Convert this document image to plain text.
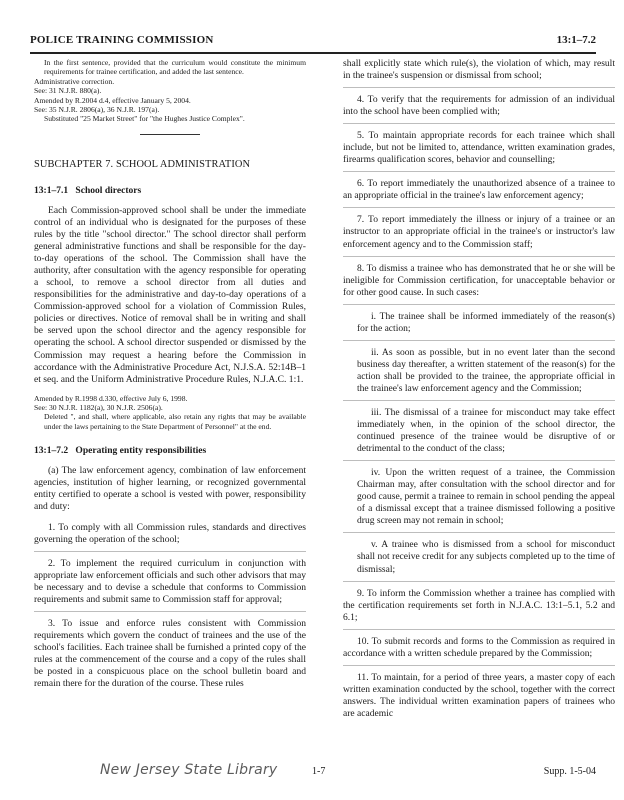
POLICE TRAINING COMMISSION	13:1–7.2

In the first sentence, provided that the curriculum would constitute the minimum requirements for trainee certification, and added the last sentence.

Administrative correction.

See: 31 N.J.R. 880(a).

Amended by R.2004 d.4, effective January 5, 2004.

See: 35 N.J.R. 2806(a), 36 N.J.R. 197(a).

Substituted "25 Market Street" for "the Hughes Justice Complex".

SUBCHAPTER 7. SCHOOL ADMINISTRATION
13:1–7.1 School directors

Each Commission-approved school shall be under the immediate control of an individual who is designated for the purposes of these rules by the title "school director." The school director shall perform general administrative functions and shall be responsible for the day-to-day operations of the school. The Commission shall have the authority, after consultation with the agency responsible for operating a school, to remove a school director from all duties and responsibilities for the administrative and day-to-day operations of a Commission-approved school for a violation of Commission Rules, policies or directives. Notice of removal shall be in writing and shall be served upon the school director and the agency responsible for operating the school. A school director suspended or dismissed by the Commission may request a hearing before the Commission in accordance with the Administrative Procedure Act, N.J.S.A. 52:14B–1 et seq. and the Uniform Administrative Procedure Rules, N.J.A.C. 1:1.

Amended by R.1998 d.330, effective July 6, 1998.

See: 30 N.J.R. 1182(a), 30 N.J.R. 2506(a).

Deleted ", and shall, where applicable, also retain any rights that may be available under the laws pertaining to the State Department of Personnel" at the end.

13:1–7.2 Operating entity responsibilities

(a) The law enforcement agency, combination of law enforcement agencies, institution of higher learning, or recognized governmental entity certified to operate a school is vested with power, responsibility and duty:

1. To comply with all Commission rules, standards and directives governing the operation of the school;

2. To implement the required curriculum in conjunction with appropriate law enforcement officials and such other advisors that may be necessary and to devise a schedule that conforms to Commission requirements and submit same to Commission staff for approval;

3. To issue and enforce rules consistent with Commission requirements which govern the conduct of trainees and the use of the school's facilities. Each trainee shall be furnished a printed copy of the rules at the commencement of the course and a copy of the rules shall be posted in a conspicuous place on the school bulletin board and remain there for the duration of the course. These rules

shall explicitly state which rule(s), the violation of which, may result in the trainee's suspension or dismissal from school;

4. To verify that the requirements for admission of an individual into the school have been complied with;

5. To maintain appropriate records for each trainee which shall include, but not be limited to, attendance, written examination grades, firearms qualification scores, behavior and counselling;

6. To report immediately the unauthorized absence of a trainee to an appropriate official in the trainee's law enforcement agency;

7. To report immediately the illness or injury of a trainee or an instructor to an appropriate official in the trainee's or instructor's law enforcement agency and to the Commission staff;

8. To dismiss a trainee who has demonstrated that he or she will be ineligible for Commission certification, for unacceptable behavior or for other good cause. In such cases:

i. The trainee shall be informed immediately of the reason(s) for the action;

ii. As soon as possible, but in no event later than the second business day thereafter, a written statement of the reason(s) for the action shall be provided to the trainee, the appropriate official in the trainee's law enforcement agency and the Commission;

iii. The dismissal of a trainee for misconduct may take effect immediately when, in the opinion of the school director, the continued presence of the trainee would be disruptive of or detrimental to the conduct of the class;

iv. Upon the written request of a trainee, the Commission Chairman may, after consultation with the school director and for good cause, permit a trainee to remain in school pending the appeal of a dismissal except that a trainee dismissed following a positive drug screen may not remain in school;

v. A trainee who is dismissed from a school for misconduct shall not receive credit for any subjects completed up to the time of dismissal;

9. To inform the Commission whether a trainee has complied with the certification requirements set forth in N.J.A.C. 13:1–5.1, 5.2 and 6.1;

10. To submit records and forms to the Commission as required in accordance with a written schedule prepared by the Commission;

11. To maintain, for a period of three years, a master copy of each written examination conducted by the school, together with the correct answers. The individual written examination papers of trainees who are academic

New Jersey State Library	1-7	Supp. 1-5-04
